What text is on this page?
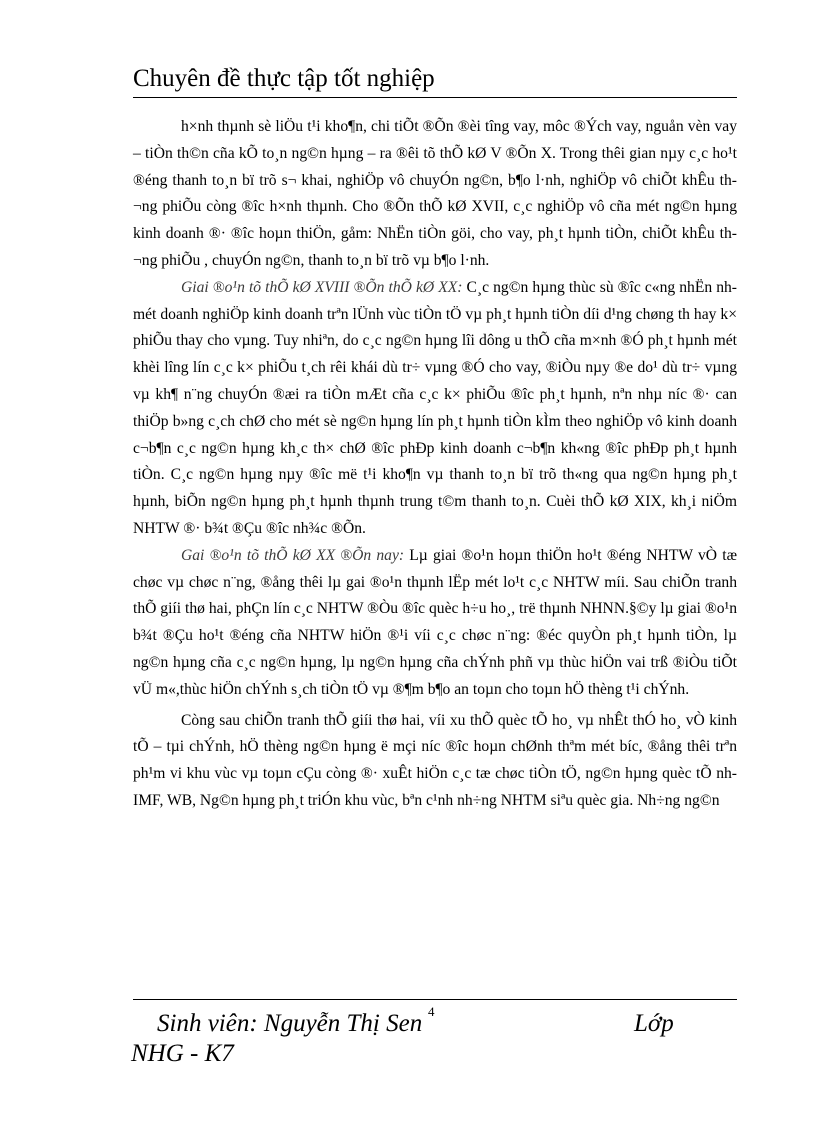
Chuyên đề thực tập tốt nghiệp

h×nh thµnh sè liÖu t¹i kho¶n, chi tiÕt ®Õn ®èi tîng vay, môc ®Ých vay, nguån vèn vay – tiÒn th©n cña kÕ to¸n ng©n hµng – ra ®êi tõ thÕ kØ V ®Õn X. Trong thêi gian nµy c¸c ho¹t ®éng thanh to¸n bï trõ s¬ khai, nghiÖp vô chuyÓn ng©n, b¶o l·nh, nghiÖp vô chiÕt khÊu th¬ng phiÕu còng ®îc h×nh thµnh. Cho ®Õn thÕ kØ XVII, c¸c nghiÖp vô cña mét ng©n hµng kinh doanh ®· ®îc hoµn thiÖn, gåm: NhËn tiÒn göi, cho vay, ph¸t hµnh tiÒn, chiÕt khÊu th¬ng phiÕu , chuyÓn ng©n, thanh to¸n bï trõ vµ b¶o l·nh.

Giai ®o¹n tõ thÕ kØ XVIII ®Õn thÕ kØ XX: C¸c ng©n hµng thùc sù ®îc c«ng nhËn nh mét doanh nghiÖp kinh doanh trªn lÜnh vùc tiÒn tÖ vµ ph¸t hµnh tiÒn díi d¹ng chøng th hay k× phiÕu thay cho vµng. Tuy nhiªn, do c¸c ng©n hµng lîi dông u thÕ cña m×nh ®Ó ph¸t hµnh mét khèi lîng lín c¸c k× phiÕu t¸ch rêi khái dù tr÷ vµng ®Ó cho vay, ®iÒu nµy ®e do¹ dù tr÷ vµng vµ kh¶ n¨ng chuyÓn ®æi ra tiÒn mÆt cña c¸c k× phiÕu ®îc ph¸t hµnh, nªn nhµ níc ®· can thiÖp b»ng c¸ch chØ cho mét sè ng©n hµng lín ph¸t hµnh tiÒn kÌm theo nghiÖp vô kinh doanh c¬b¶n c¸c ng©n hµng kh¸c th× chØ ®îc phÐp kinh doanh c¬b¶n kh«ng ®îc phÐp ph¸t hµnh tiÒn. C¸c ng©n hµng nµy ®îc më t¹i kho¶n vµ thanh to¸n bï trõ th«ng qua ng©n hµng ph¸t hµnh, biÕn ng©n hµng ph¸t hµnh thµnh trung t©m thanh to¸n. Cuèi thÕ kØ XIX, kh¸i niÖm NHTW ®· b¾t ®Çu ®îc nh¾c ®Õn.

Gai ®o¹n tõ thÕ kØ XX ®Õn nay: Lµ giai ®o¹n hoµn thiÖn ho¹t ®éng NHTW vÒ tæ chøc vµ chøc n¨ng, ®ång thêi lµ gai ®o¹n thµnh lËp mét lo¹t c¸c NHTW míi. Sau chiÕn tranh thÕ giíi thø hai, phÇn lín c¸c NHTW ®Òu ®îc quèc h÷u ho¸, trë thµnh NHNN.§©y lµ giai ®o¹n b¾t ®Çu ho¹t ®éng cña NHTW hiÖn ®¹i víi c¸c chøc n¨ng: ®éc quyÒn ph¸t hµnh tiÒn, lµ ng©n hµng cña c¸c ng©n hµng, lµ ng©n hµng cña chÝnh phñ vµ thùc hiÖn vai trß ®iÒu tiÕt vÜ m«,thùc hiÖn chÝnh s¸ch tiÒn tÖ vµ ®¶m b¶o an toµn cho toµn hÖ thèng t¹i chÝnh.

Còng sau chiÕn tranh thÕ giíi thø hai, víi xu thÕ quèc tÕ ho¸ vµ nhÊt thÓ ho¸ vÒ kinh tÕ – tµi chÝnh, hÖ thèng ng©n hµng ë mçi níc ®îc hoµn chØnh thªm mét bíc, ®ång thêi trªn ph¹m vi khu vùc vµ toµn cÇu còng ®· xuÊt hiÖn c¸c tæ chøc tiÒn tÖ, ng©n hµng quèc tÕ nh IMF, WB, Ng©n hµng ph¸t triÓn khu vùc, bªn c¹nh nh÷ng NHTM siªu quèc gia. Nh÷ng ng©n

4
Sinh viên: Nguyễn Thị Sen	Lớp
NHG - K7
